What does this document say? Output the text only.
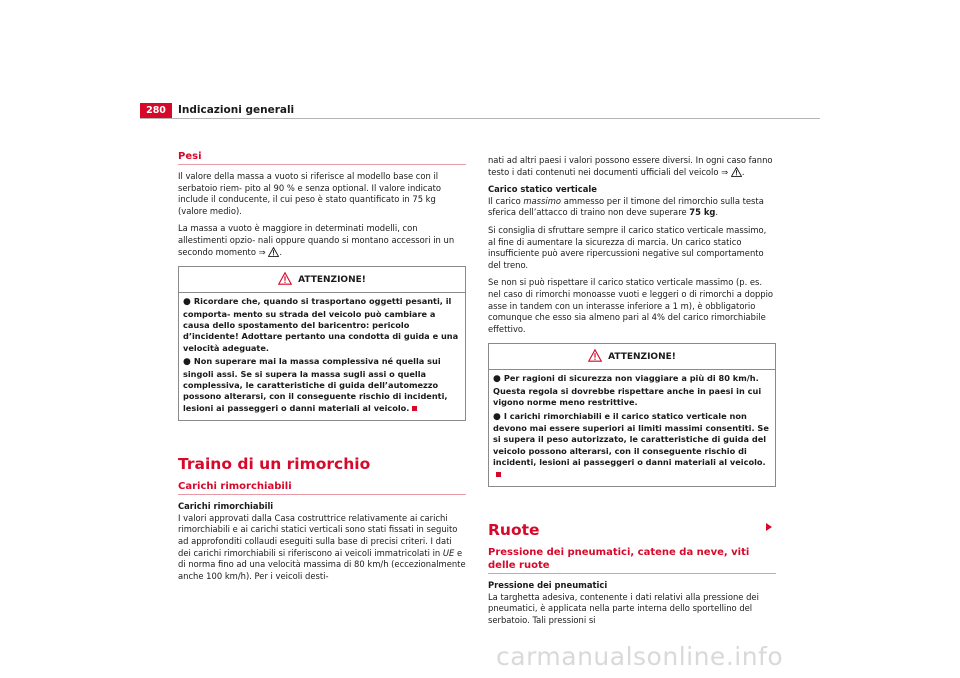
280	Indicazioni generali
Pesi

Il valore della massa a vuoto si riferisce al modello base con il serbatoio riem- pito al 90 % e senza optional. Il valore indicato include il conducente, il cui peso è stato quantificato in 75 kg (valore medio).

La massa a vuoto è maggiore in determinati modelli, con allestimenti opzio- nali oppure quando si montano accessori in un secondo momento ⇒ .

ATTENZIONE!
● Ricordare che, quando si trasportano oggetti pesanti, il comporta- mento su strada del veicolo può cambiare a causa dello spostamento del baricentro: pericolo d’incidente! Adottare pertanto una condotta di guida e una velocità adeguate.
● Non superare mai la massa complessiva né quella sui singoli assi. Se si supera la massa sugli assi o quella complessiva, le caratteristiche di guida dell’automezzo possono alterarsi, con il conseguente rischio di incidenti, lesioni ai passeggeri o danni materiali al veicolo.
Traino di un rimorchio
Carichi rimorchiabili

Carichi rimorchiabili

I valori approvati dalla Casa costruttrice relativamente ai carichi rimorchiabili e ai carichi statici verticali sono stati fissati in seguito ad approfonditi collaudi eseguiti sulla base di precisi criteri. I dati dei carichi rimorchiabili si riferiscono ai veicoli immatricolati in UE e di norma fino ad una velocità massima di 80 km/h (eccezionalmente anche 100 km/h). Per i veicoli desti-

nati ad altri paesi i valori possono essere diversi. In ogni caso fanno testo i dati contenuti nei documenti ufficiali del veicolo ⇒ .

Carico statico verticale

Il carico massimo ammesso per il timone del rimorchio sulla testa sferica dell’attacco di traino non deve superare 75 kg.

Si consiglia di sfruttare sempre il carico statico verticale massimo, al fine di aumentare la sicurezza di marcia. Un carico statico insufficiente può avere ripercussioni negative sul comportamento del treno.

Se non si può rispettare il carico statico verticale massimo (p. es. nel caso di rimorchi monoasse vuoti e leggeri o di rimorchi a doppio asse in tandem con un interasse inferiore a 1 m), è obbligatorio comunque che esso sia almeno pari al 4% del carico rimorchiabile effettivo.

ATTENZIONE!
● Per ragioni di sicurezza non viaggiare a più di 80 km/h. Questa regola si dovrebbe rispettare anche in paesi in cui vigono norme meno restrittive.
● I carichi rimorchiabili e il carico statico verticale non devono mai essere superiori ai limiti massimi consentiti. Se si supera il peso autorizzato, le caratteristiche di guida del veicolo possono alterarsi, con il conseguente rischio di incidenti, lesioni ai passeggeri o danni materiali al veicolo.
Ruote
Pressione dei pneumatici, catene da neve, viti delle ruote

Pressione dei pneumatici

La targhetta adesiva, contenente i dati relativi alla pressione dei pneumatici, è applicata nella parte interna dello sportellino del serbatoio. Tali pressioni si

carmanualsonline.info
